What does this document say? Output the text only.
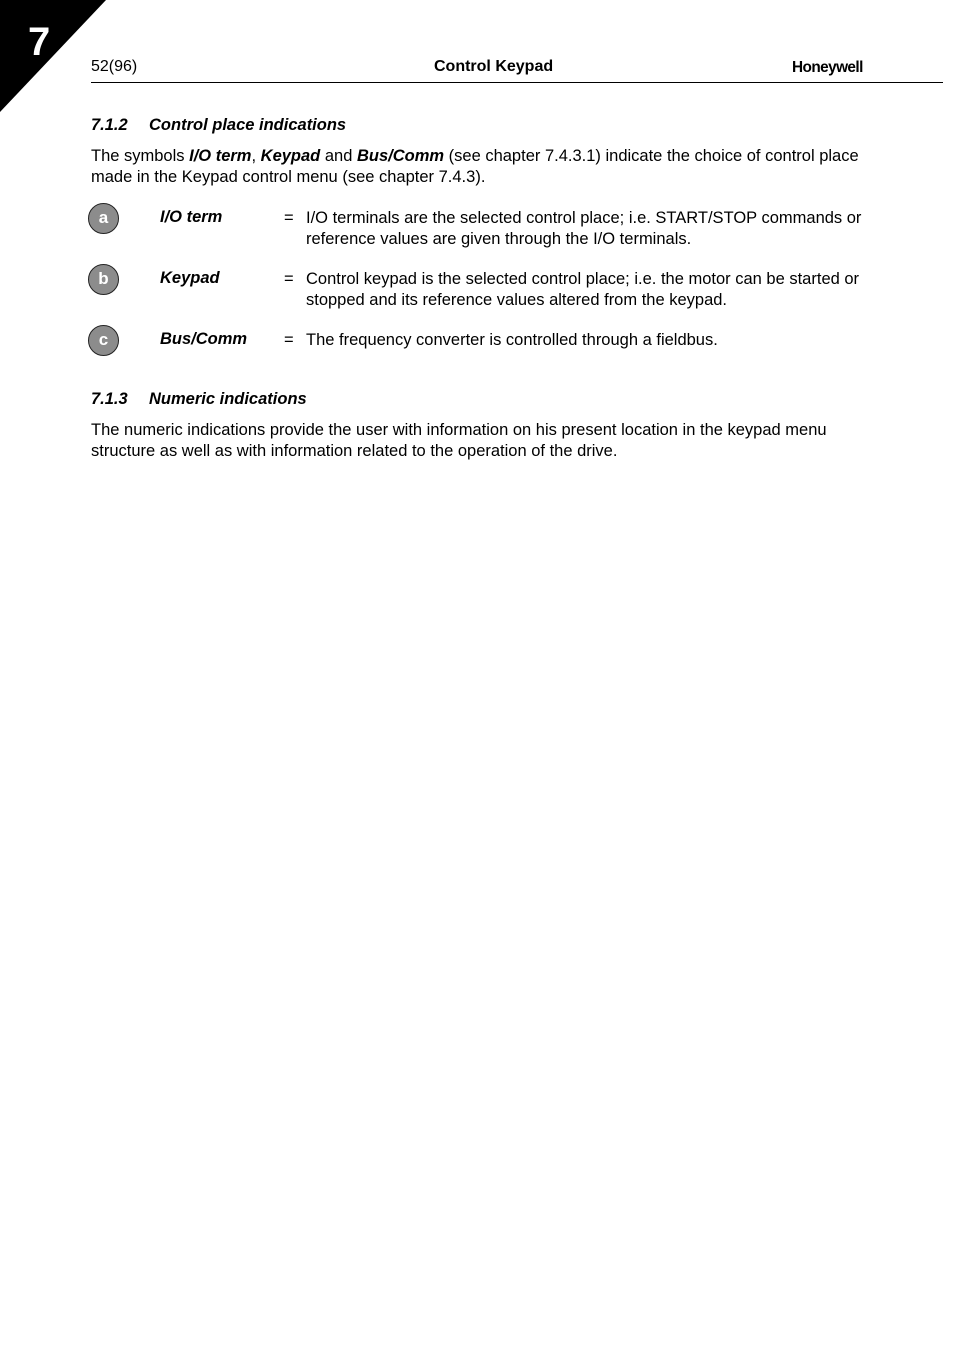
7
52(96)	Control Keypad	Honeywell
7.1.2 Control place indications
The symbols I/O term, Keypad and Bus/Comm (see chapter 7.4.3.1) indicate the choice of control place made in the Keypad control menu (see chapter 7.4.3).
a	I/O term	= I/O terminals are the selected control place; i.e. START/STOP commands or reference values are given through the I/O terminals.
b	Keypad	= Control keypad is the selected control place; i.e. the motor can be started or stopped and its reference values altered from the keypad.
c	Bus/Comm = The frequency converter is controlled through a fieldbus.
7.1.3 Numeric indications
The numeric indications provide the user with information on his present location in the keypad menu structure as well as with information related to the operation of the drive.
